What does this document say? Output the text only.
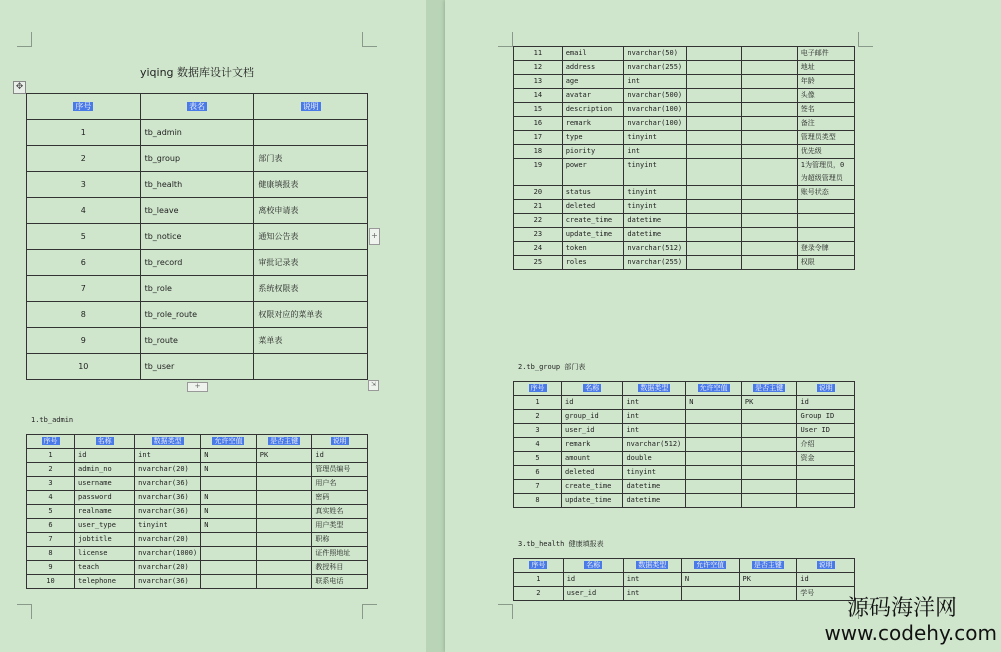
yiqing 数据库设计文档
✥
序号	表名	说明
1	tb_admin	
2	tb_group	部门表
3	tb_health	健康填报表
4	tb_leave	离校申请表
5	tb_notice	通知公告表
6	tb_record	审批记录表
7	tb_role	系统权限表
8	tb_role_route	权限对应的菜单表
9	tb_route	菜单表
10	tb_user	
+
+	⇲
1.tb_admin
序号	名称	数据类型	允许空值	是否主键	说明
1	id	int	N	PK	id
2	admin_no	nvarchar(20)	N		管理员编号
3	username	nvarchar(36)			用户名
4	password	nvarchar(36)	N		密码
5	realname	nvarchar(36)	N		真实姓名
6	user_type	tinyint	N		用户类型
7	jobtitle	nvarchar(20)			职称
8	license	nvarchar(1000)			证件照地址
9	teach	nvarchar(20)			教授科目
10	telephone	nvarchar(36)			联系电话
11	email	nvarchar(50)			电子邮件
12	address	nvarchar(255)			地址
13	age	int			年龄
14	avatar	nvarchar(500)			头像
15	description	nvarchar(100)			签名
16	remark	nvarchar(100)			备注
17	type	tinyint			管理员类型
18	piority	int			优先级
19	power	tinyint			1为管理员，0为超级管理员
20	status	tinyint			账号状态
21	deleted	tinyint			
22	create_time	datetime			
23	update_time	datetime			
24	token	nvarchar(512)			登录令牌
25	roles	nvarchar(255)			权限
2.tb_group 部门表
序号	名称	数据类型	允许空值	是否主键	说明
1	id	int	N	PK	id
2	group_id	int			Group ID
3	user_id	int			User ID
4	remark	nvarchar(512)			介绍
5	amount	double			资金
6	deleted	tinyint			
7	create_time	datetime			
8	update_time	datetime			
3.tb_health 健康填报表
序号	名称	数据类型	允许空值	是否主键	说明
1	id	int	N	PK	id
2	user_id	int			学号
源码海洋网
www.codehy.com
